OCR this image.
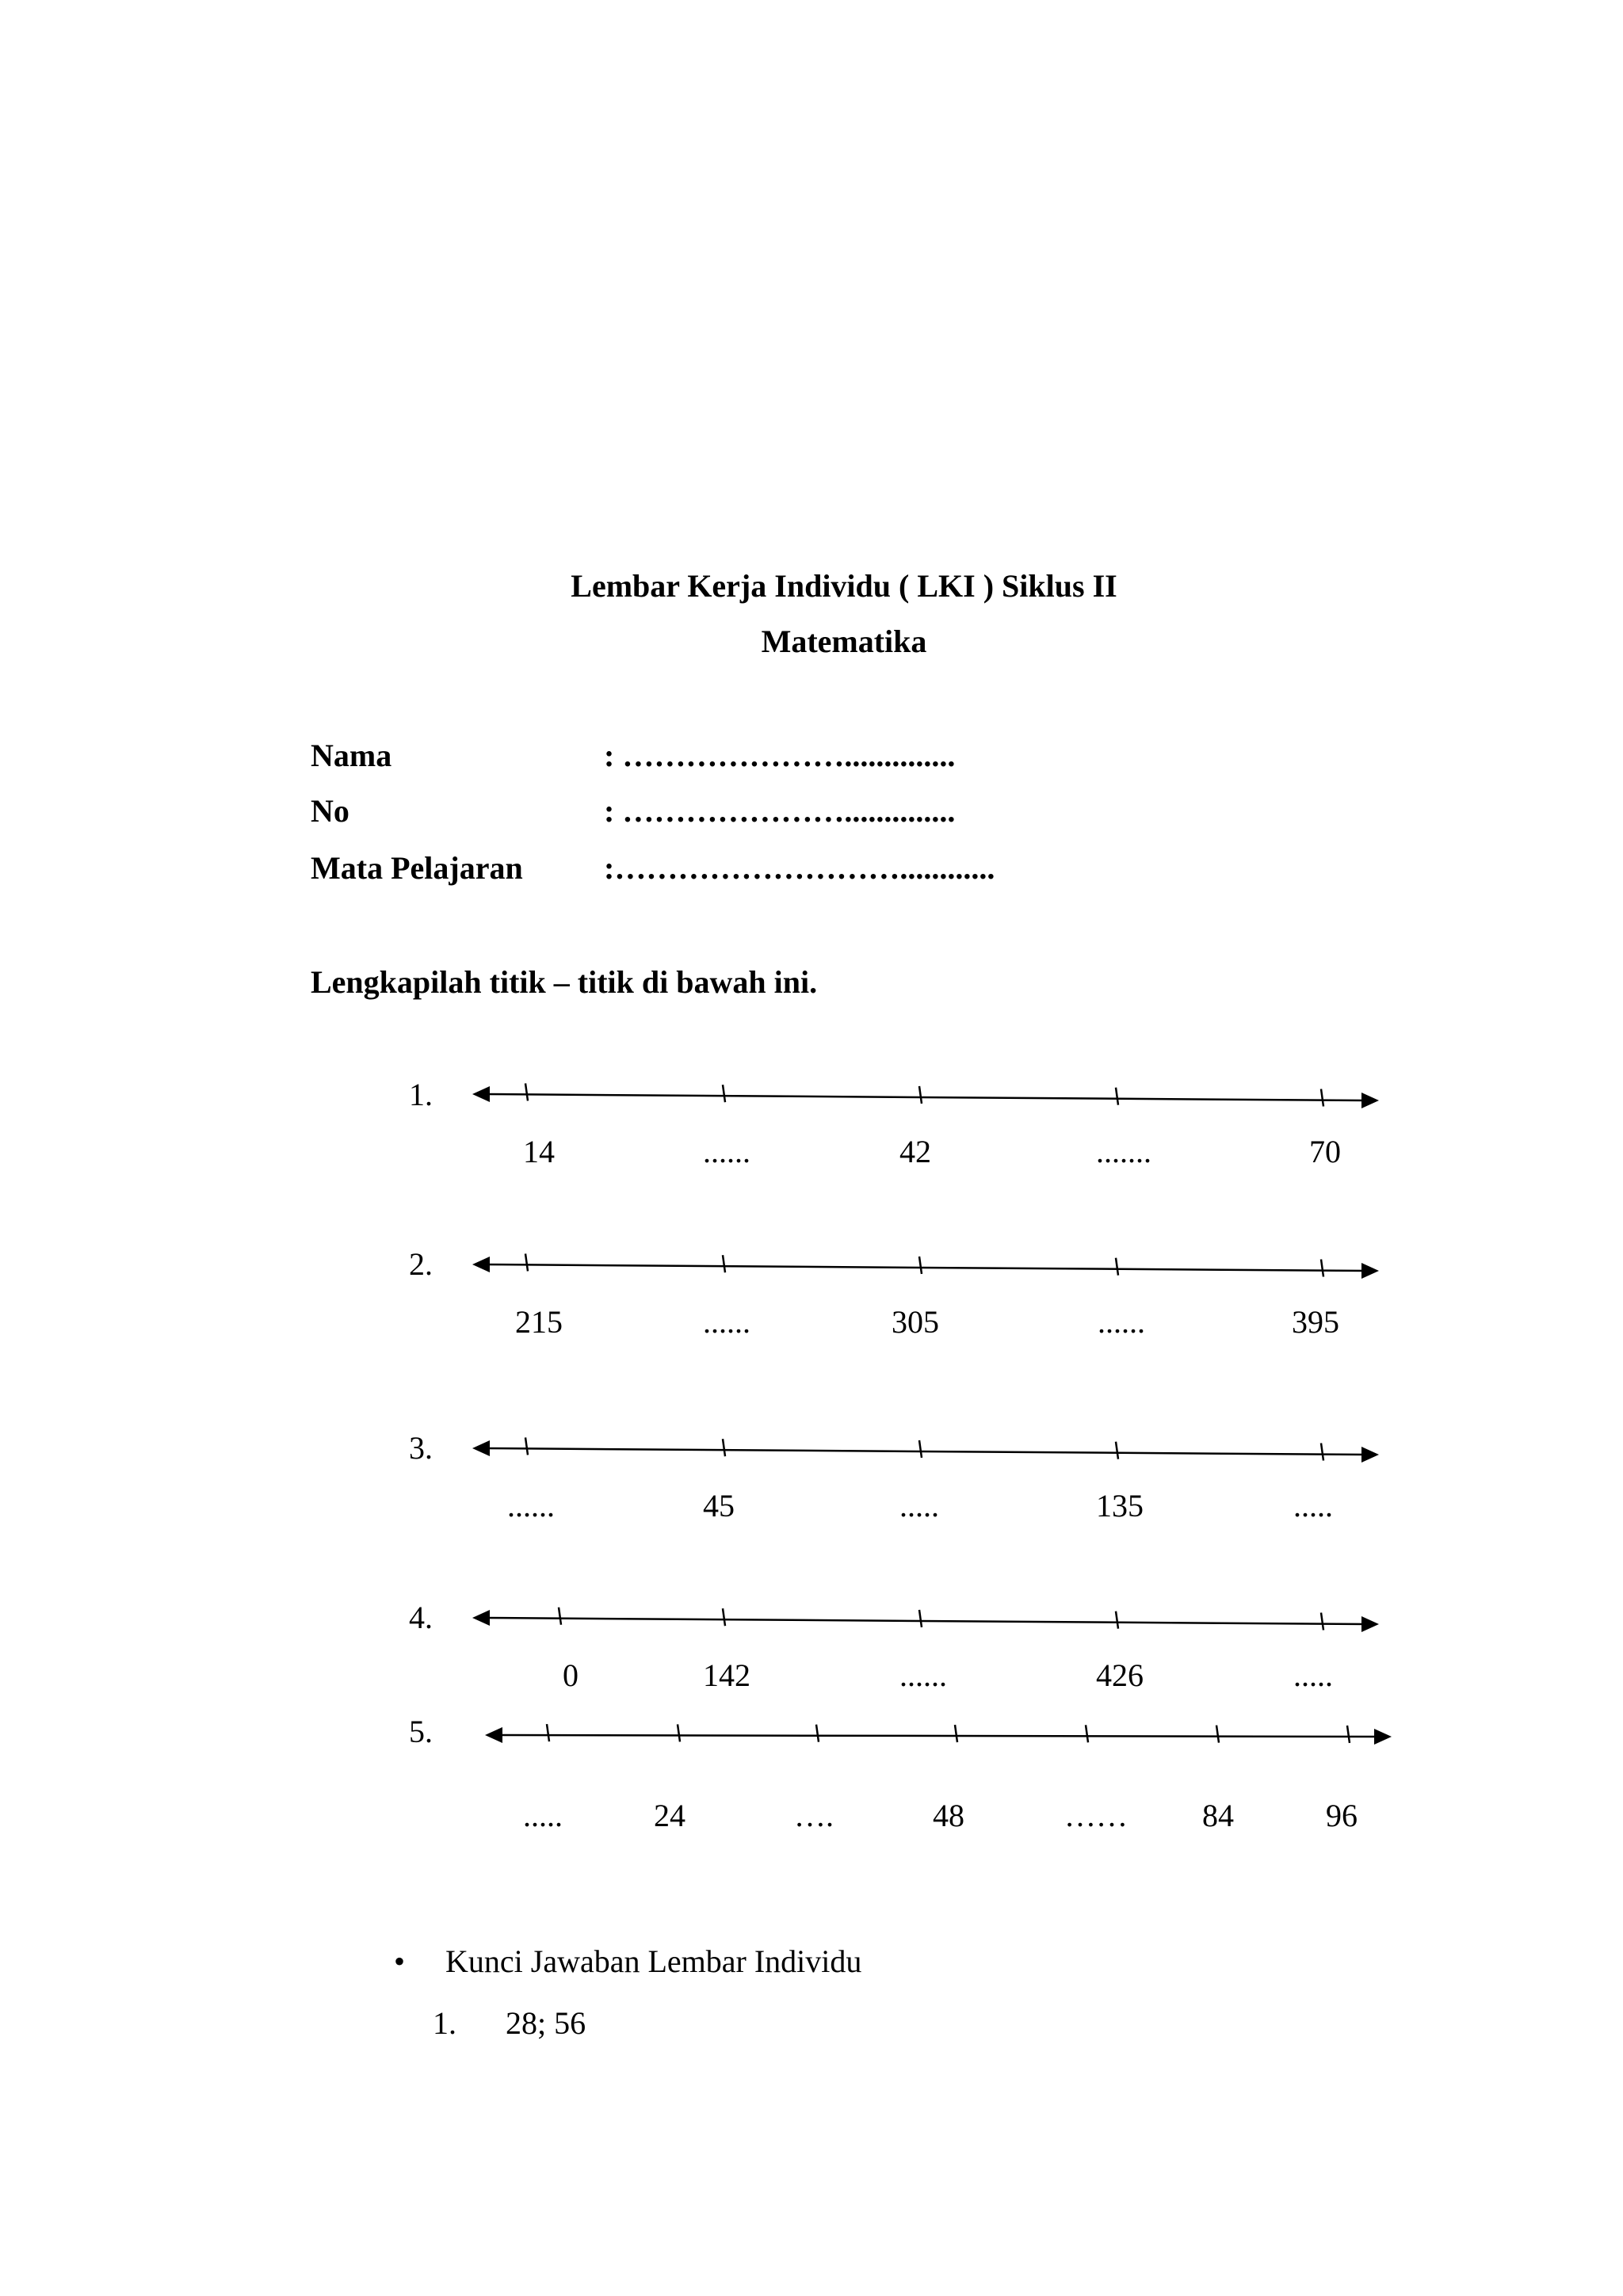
Lembar Kerja Individu ( LKI ) Siklus II
Matematika
Nama	: …………………..............
No	: …………………..............
Mata Pelajaran	:………………………............
Lengkapilah titik – titik di bawah ini.
1.
14	......	42	.......	70
2.
215	......	305	......	395
3.
......	45	.....	135	.....
4.
0	142	......	426	.....
5.
.....	24	….	48	…… 84	96
• Kunci Jawaban Lembar Individu
1. 28; 56
